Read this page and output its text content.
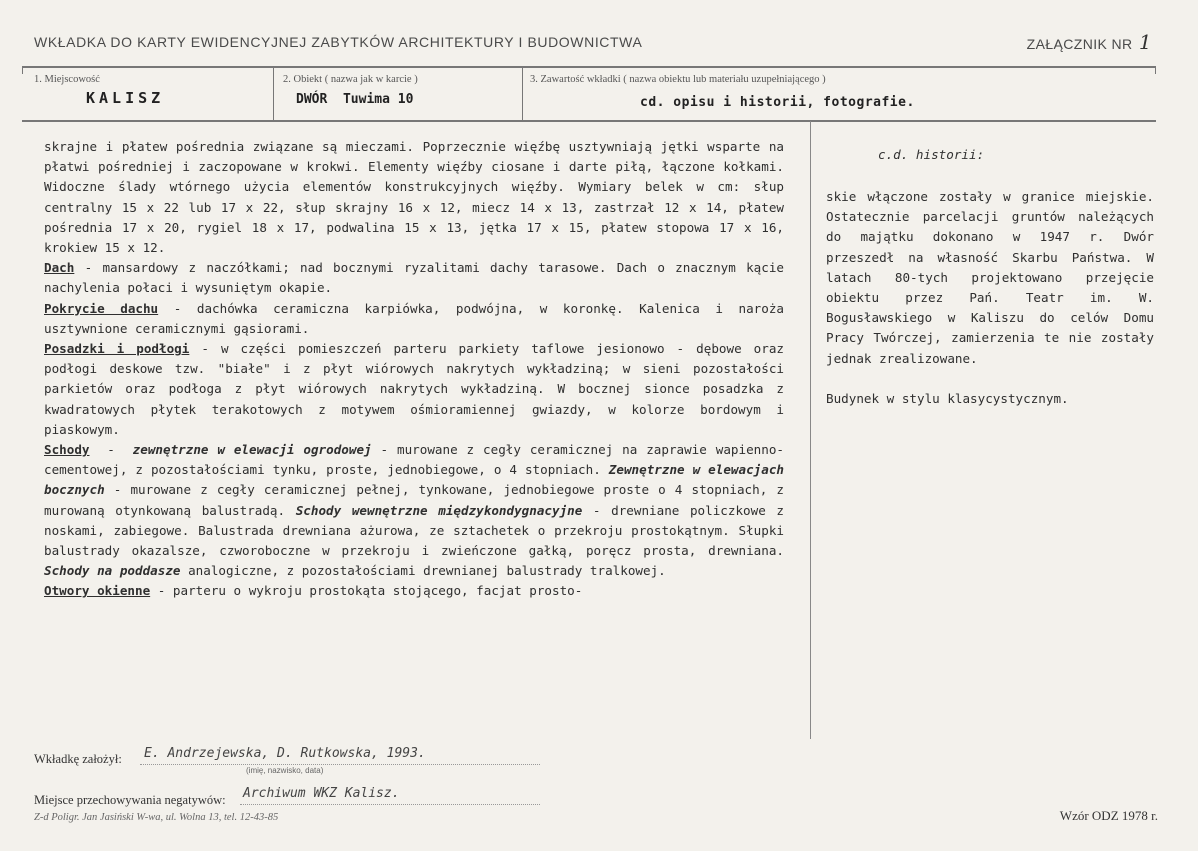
WKŁADKA DO KARTY EWIDENCYJNEJ ZABYTKÓW ARCHITEKTURY I BUDOWNICTWA	ZAŁĄCZNIK NR 1
1. Miejscowość
KALISZ
2. Obiekt ( nazwa jak w karcie )
DWÓR  Tuwima 10
3. Zawartość wkładki ( nazwa obiektu lub materiału uzupełniającego )
cd. opisu i historii, fotografie.

skrajne i płatew pośrednia związane są mieczami. Poprzecznie więźbę usztywniają jętki wsparte na płatwi pośredniej i zaczopowane w krokwi. Elementy więźby ciosane i darte piłą, łączone kołkami. Widoczne ślady wtórnego użycia elementów konstrukcyjnych więźby. Wymiary belek w cm: słup centralny 15 x 22 lub 17 x 22, słup skrajny 16 x 12, miecz 14 x 13, zastrzał 12 x 14, płatew pośrednia 17 x 20, rygiel 18 x 17, podwalina 15 x 13, jętka 17 x 15, płatew stopowa 17 x 16, krokiew 15 x 12.

Dach - mansardowy z naczółkami; nad bocznymi ryzalitami dachy tarasowe. Dach o znacznym kącie nachylenia połaci i wysuniętym okapie.

Pokrycie dachu - dachówka ceramiczna karpiówka, podwójna, w koronkę. Kalenica i naroża usztywnione ceramicznymi gąsiorami.

Posadzki i podłogi - w części pomieszczeń parteru parkiety taflowe jesionowo - dębowe oraz podłogi deskowe tzw. "białe" i z płyt wiórowych nakrytych wykładziną; w sieni pozostałości parkietów oraz podłoga z płyt wiórowych nakrytych wykładziną. W bocznej sionce posadzka z kwadratowych płytek terakotowych z motywem ośmioramiennej gwiazdy, w kolorze bordowym i piaskowym.

Schody  -  zewnętrzne w elewacji ogrodowej - murowane z cegły ceramicznej na zaprawie wapienno-cementowej, z pozostałościami tynku, proste, jednobiegowe, o 4 stopniach. Zewnętrzne w elewacjach bocznych - murowane z cegły ceramicznej pełnej, tynkowane, jednobiegowe proste o 4 stopniach, z murowaną otynkowaną balustradą. Schody wewnętrzne międzykondygnacyjne - drewniane policzkowe z noskami, zabiegowe. Balustrada drewniana ażurowa, ze sztachetek o przekroju prostokątnym. Słupki balustrady okazalsze, czworoboczne w przekroju i zwieńczone gałką, poręcz prosta, drewniana. Schody na poddasze analogiczne, z pozostałościami drewnianej balustrady tralkowej.

Otwory okienne - parteru o wykroju prostokąta stojącego, facjat prosto-

c.d. historii:

skie włączone zostały w granice miejskie. Ostatecznie parcelacji gruntów należących do majątku dokonano w 1947 r. Dwór przeszedł na własność Skarbu Państwa. W latach 80-tych projektowano przejęcie obiektu przez Pań. Teatr im. W. Bogusławskiego w Kaliszu do celów Domu Pracy Twórczej, zamierzenia te nie zostały jednak zrealizowane.

Budynek w stylu klasycystycznym.

Wkładkę założył: E. Andrzejewska, D. Rutkowska, 1993.
(imię, nazwisko, data)
Miejsce przechowywania negatywów: Archiwum WKZ Kalisz.
Z-d Poligr. Jan Jasiński W-wa, ul. Wolna 13, tel. 12-43-85	Wzór ODZ 1978 r.
